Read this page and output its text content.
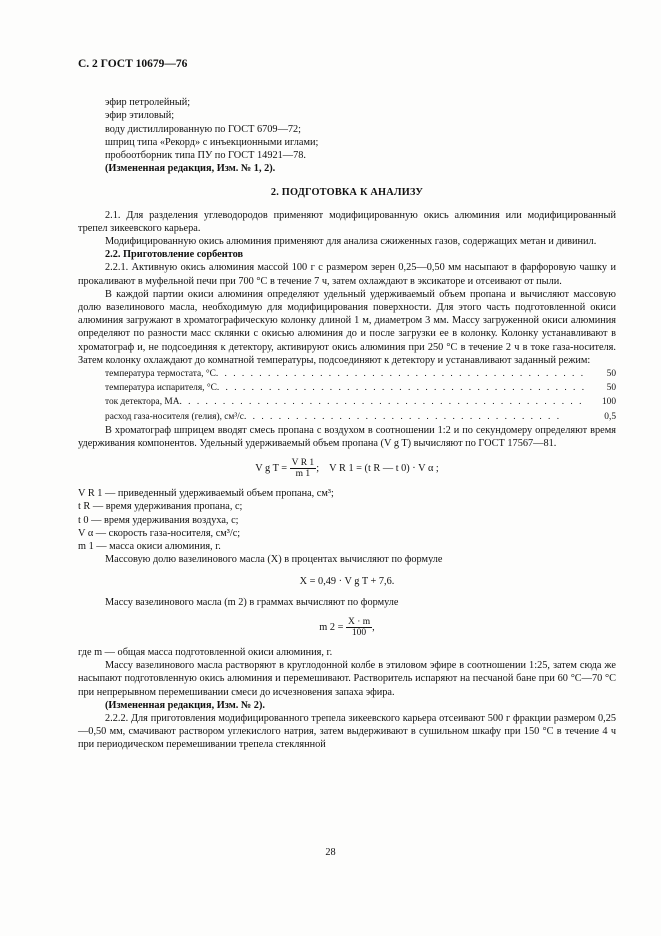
С. 2 ГОСТ 10679—76
эфир петролейный;
эфир этиловый;
воду дистиллированную по ГОСТ 6709—72;
шприц типа «Рекорд» с инъекционными иглами;
пробоотборник типа ПУ по ГОСТ 14921—78.
(Измененная редакция, Изм. № 1, 2).
2. ПОДГОТОВКА К АНАЛИЗУ
2.1. Для разделения углеводородов применяют модифицированную окись алюминия или модифицированный трепел зикеевского карьера.
Модифицированную окись алюминия применяют для анализа сжиженных газов, содержащих метан и дивинил.
2.2. Приготовление сорбентов
2.2.1. Активную окись алюминия массой 100 г с размером зерен 0,25—0,50 мм насыпают в фарфоровую чашку и прокаливают в муфельной печи при 700 °С в течение 7 ч, затем охлаждают в эксикаторе и отсеивают от пыли.
В каждой партии окиси алюминия определяют удельный удерживаемый объем пропана и вычисляют массовую долю вазелинового масла, необходимую для модифицирования поверхности. Для этого часть подготовленной окиси алюминия загружают в хроматографическую колонку длиной 1 м, диаметром 3 мм. Массу загруженной окиси алюминия определяют по разности масс склянки с окисью алюминия до и после загрузки ее в колонку. Колонку устанавливают в хроматограф и, не подсоединяя к детектору, активируют окись алюминия при 250 °С в течение 2 ч в токе газа-носителя. Затем колонку охлаждают до комнатной температуры, подсоединяют к детектору и устанавливают заданный режим:
температура термостата, °С . . . . . . . . . . . . . . . . . . . . . . . . . . . . . . . . . . . . . . . . . . .	50
температура испарителя, °С . . . . . . . . . . . . . . . . . . . . . . . . . . . . . . . . . . . . . . . . . . .	50
ток детектора, МА . . . . . . . . . . . . . . . . . . . . . . . . . . . . . . . . . . . . . . . . . . . . . . .	100
расход газа-носителя (гелия), см³/с . . . . . . . . . . . . . . . . . . . . . . . . . . . . . . . . . . . . .	0,5
В хроматограф шприцем вводят смесь пропана с воздухом в соотношении 1:2 и по секундомеру определяют время удерживания компонентов. Удельный удерживаемый объем пропана (V g T) вычисляют по ГОСТ 17567—81.
V g $T = \frac{\text{V R 1}}{m 1}$ ;    V R 1 = (t R — t 0) · V α ;
V R 1 — приведенный удерживаемый объем пропана, см³;
t R — время удерживания пропана, с;
t 0 — время удерживания воздуха, с;
V α — скорость газа-носителя, см³/с;
m 1 — масса окиси алюминия, г.
Массовую долю вазелинового масла (X) в процентах вычисляют по формуле
X = 0,49 · V g T + 7,6.
Массу вазелинового масла (m 2) в граммах вычисляют по формуле
m $2 = \frac{X \cdot m}{100}$ ,
где m — общая масса подготовленной окиси алюминия, г.
Массу вазелинового масла растворяют в круглодонной колбе в этиловом эфире в соотношении 1:25, затем сюда же насыпают подготовленную окись алюминия и перемешивают. Растворитель испаряют на песчаной бане при 60 °С—70 °С при непрерывном перемешивании смеси до исчезновения запаха эфира.
(Измененная редакция, Изм. № 2).
2.2.2. Для приготовления модифицированного трепела зикеевского карьера отсеивают 500 г фракции размером 0,25—0,50 мм, смачивают раствором углекислого натрия, затем выдерживают в сушильном шкафу при 150 °С в течение 4 ч при периодическом перемешивании трепела стеклянной
28
